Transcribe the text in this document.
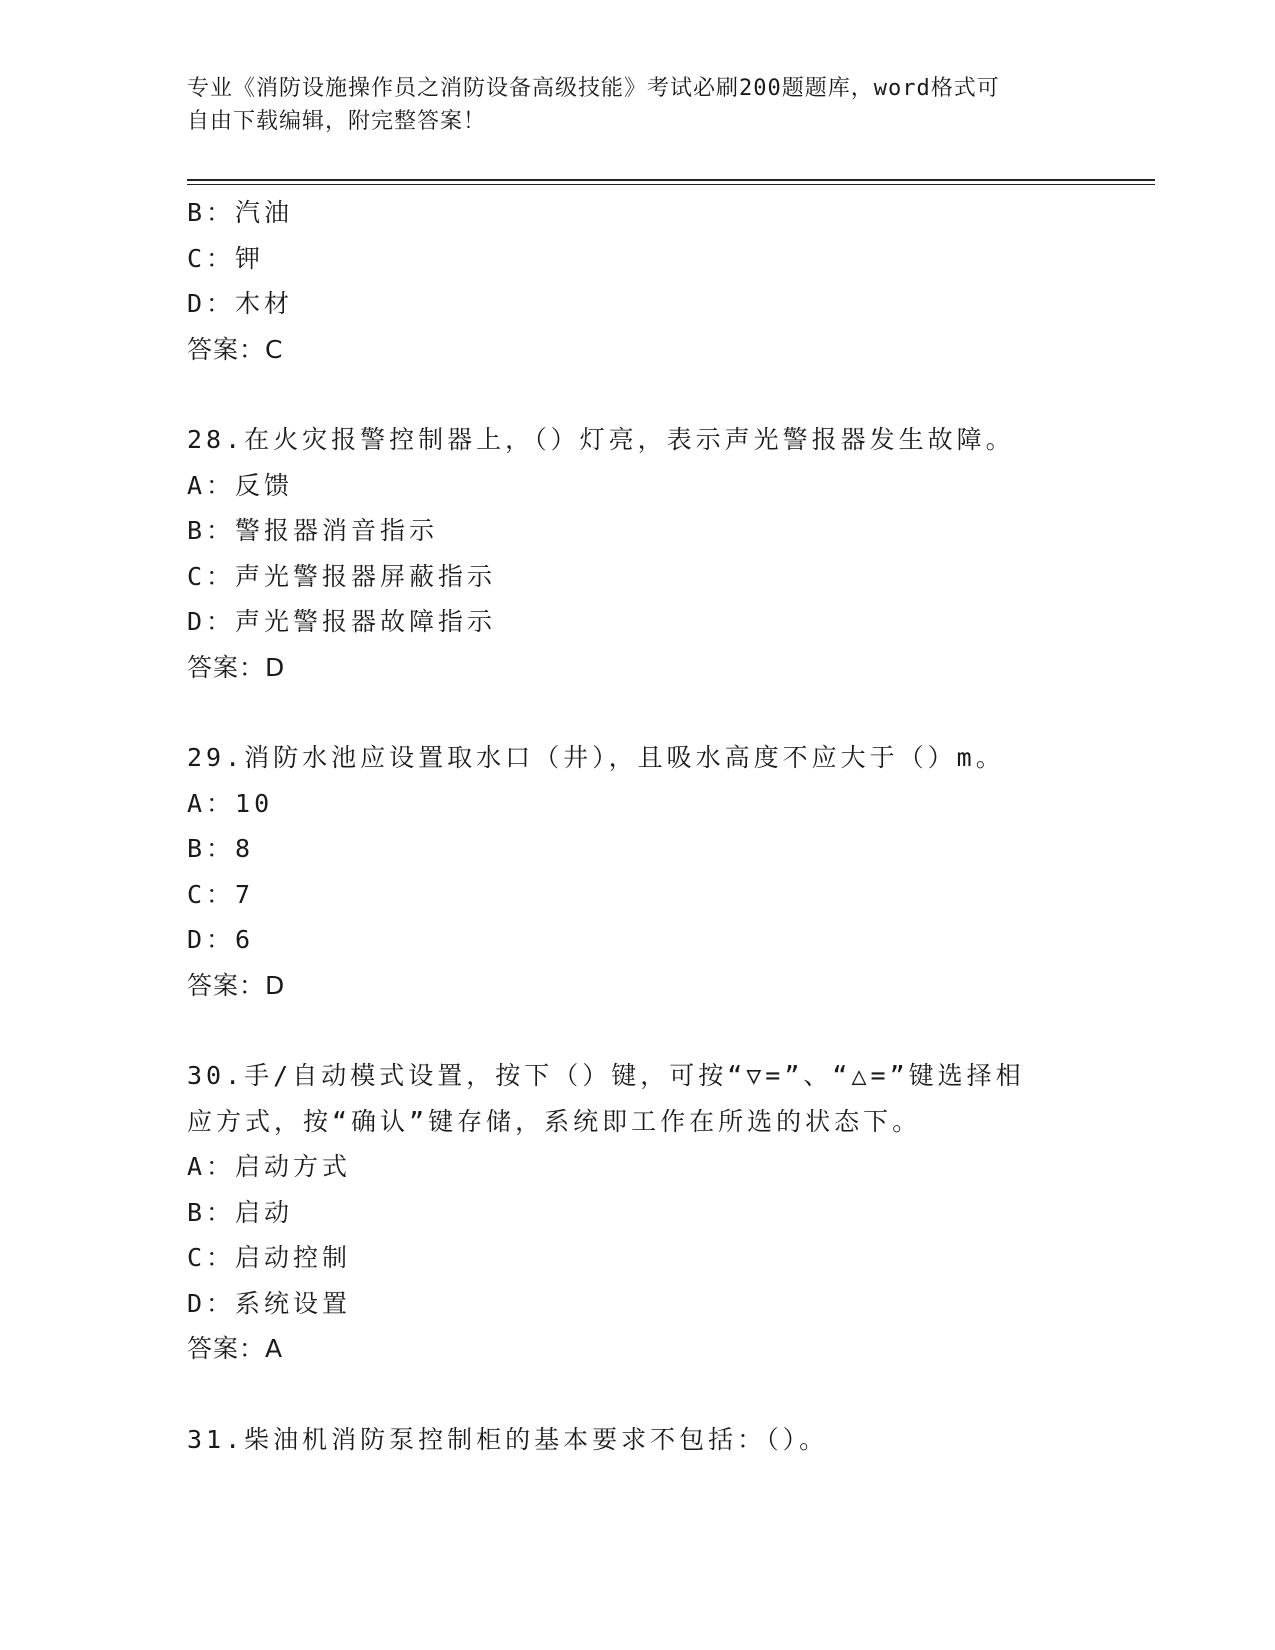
专业《消防设施操作员之消防设备高级技能》考试必刷200题题库，word格式可
自由下载编辑，附完整答案！
B：汽油
C：钾
D：木材
答案：C
28.在火灾报警控制器上，（）灯亮，表示声光警报器发生故障。
A：反馈
B：警报器消音指示
C：声光警报器屏蔽指示
D：声光警报器故障指示
答案：D
29.消防水池应设置取水口（井），且吸水高度不应大于（）m。
A：10
B：8
C：7
D：6
答案：D
30.手/自动模式设置，按下（）键，可按“▽=”、“△=”键选择相
应方式，按“确认”键存储，系统即工作在所选的状态下。
A：启动方式
B：启动
C：启动控制
D：系统设置
答案：A
31.柴油机消防泵控制柜的基本要求不包括：（）。
